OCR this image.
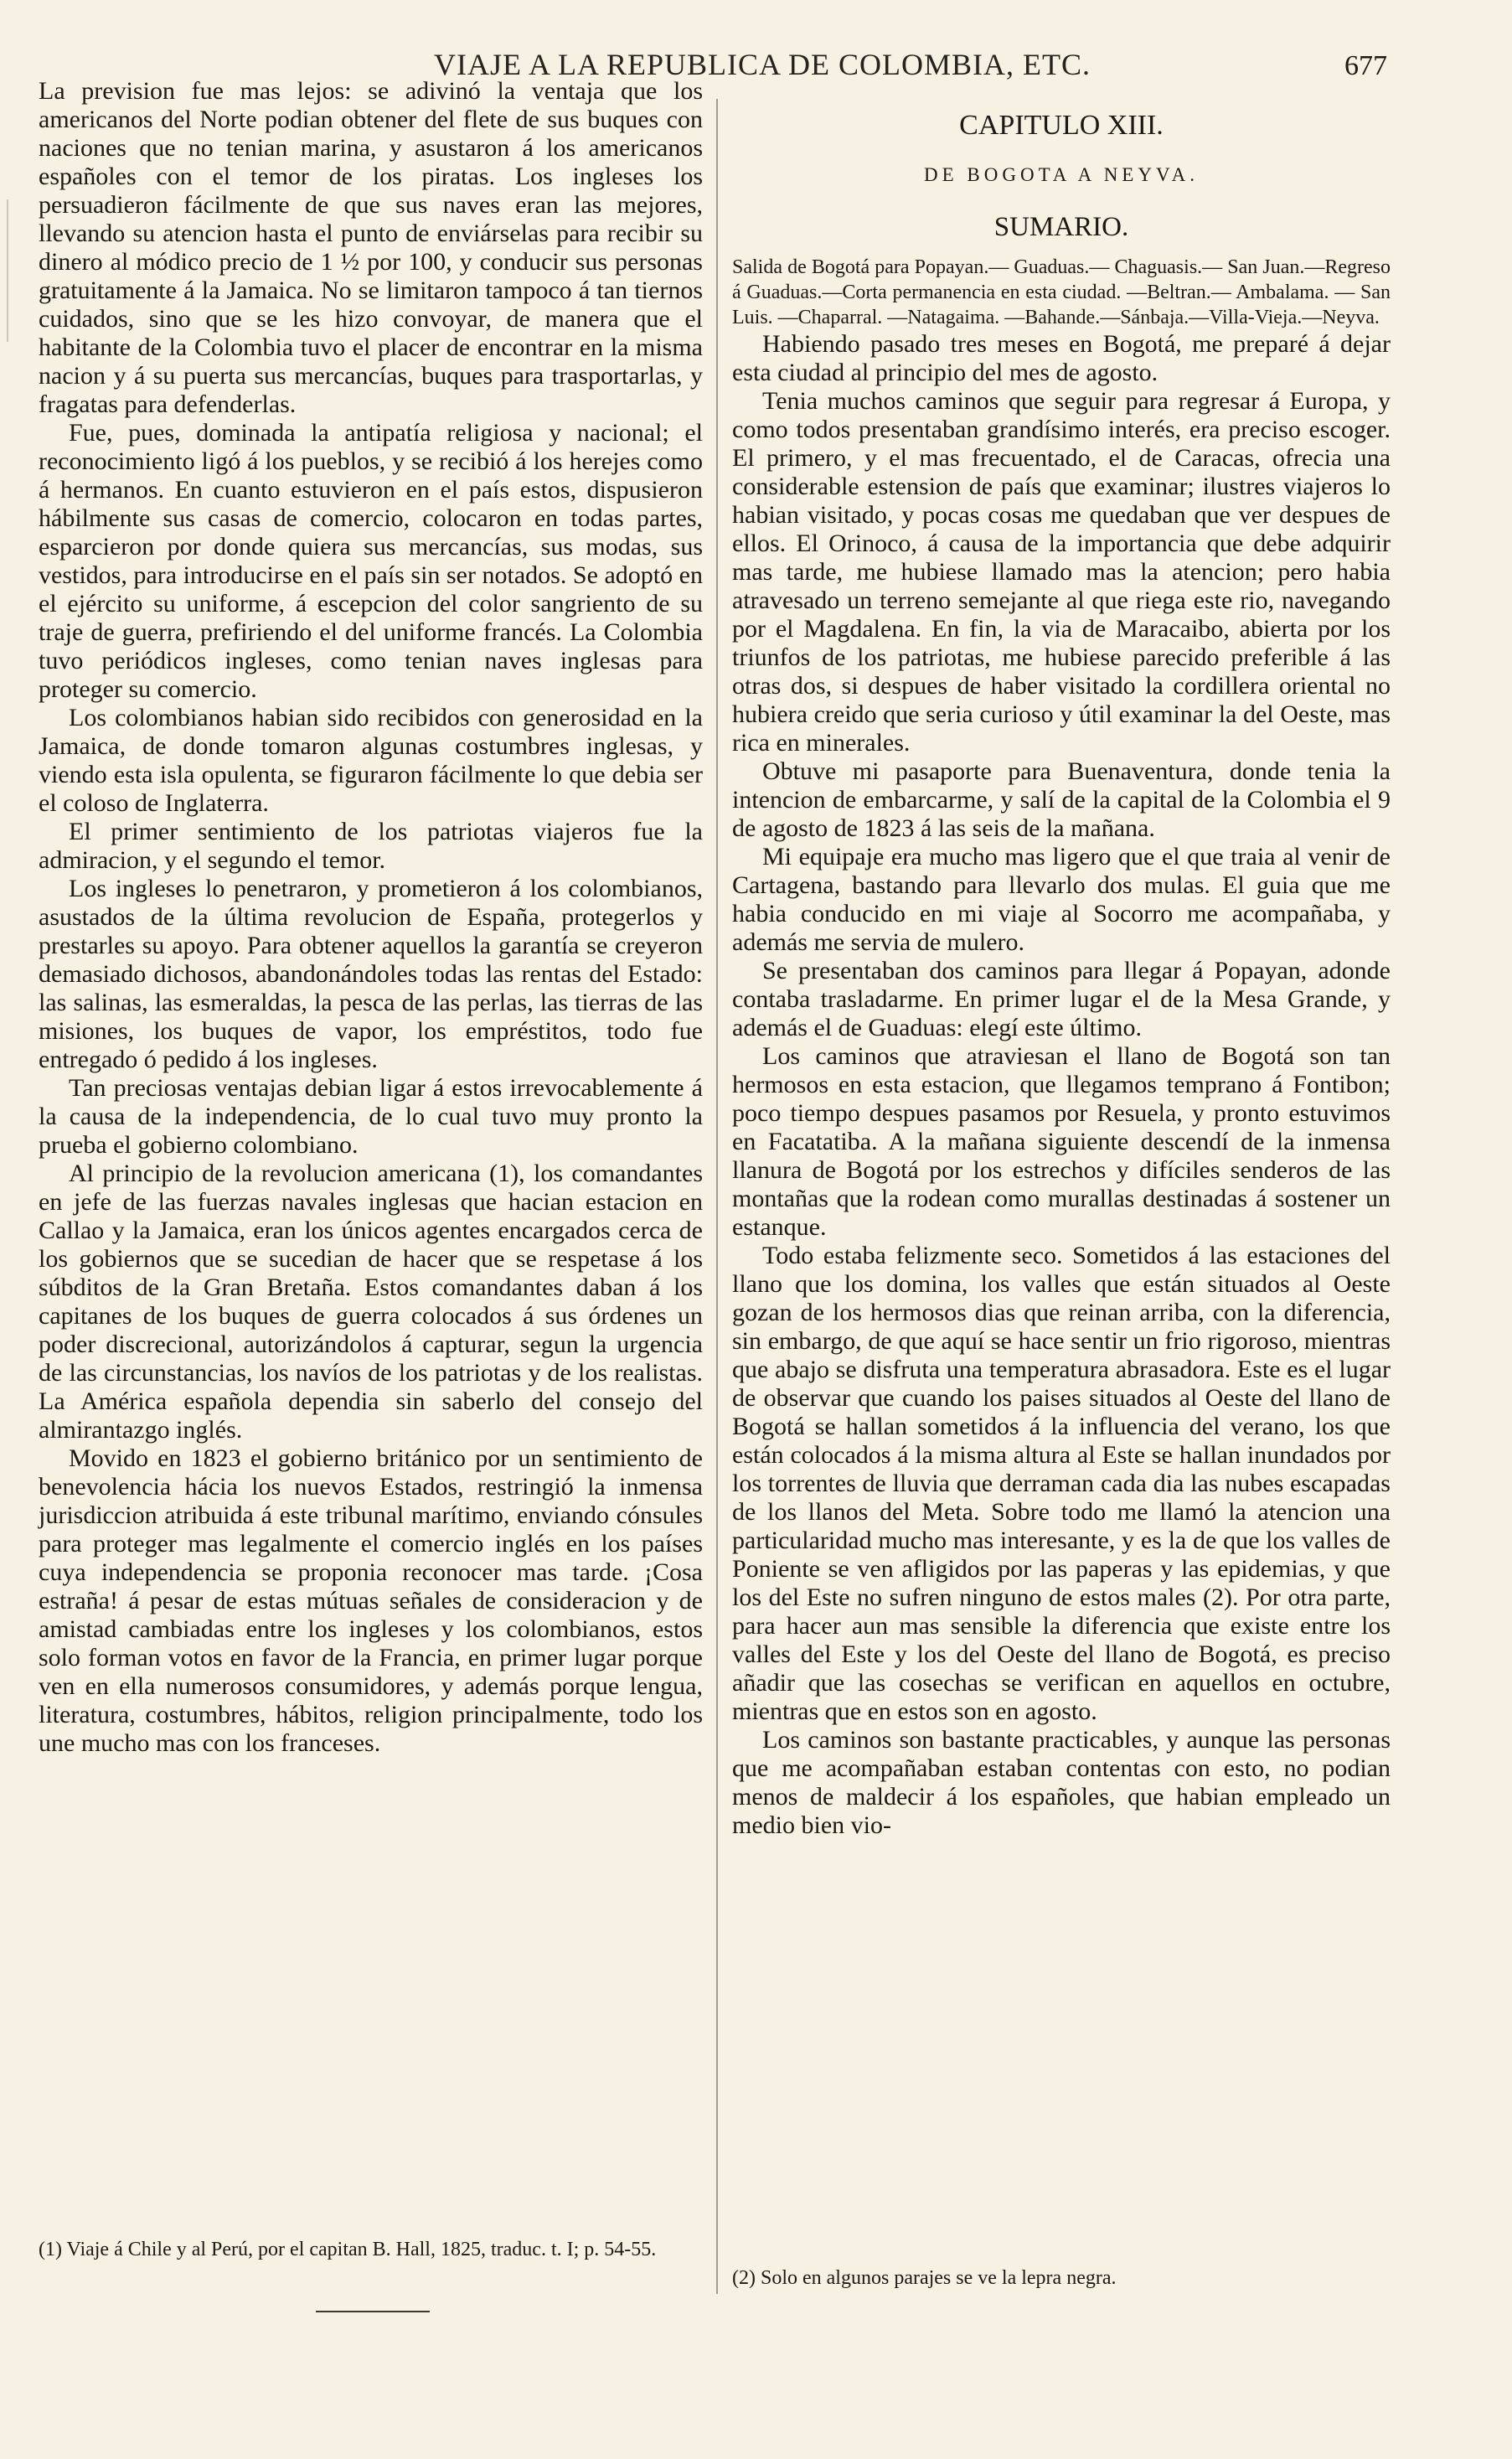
VIAJE A LA REPUBLICA DE COLOMBIA, ETC.	677

La prevision fue mas lejos: se adivinó la ventaja que los americanos del Norte podian obtener del flete de sus buques con naciones que no tenian marina, y asustaron á los americanos españoles con el temor de los piratas. Los ingleses los persuadieron fácilmente de que sus naves eran las mejores, llevando su atencion hasta el punto de enviárselas para recibir su dinero al módico precio de 1 ½ por 100, y conducir sus personas gratuitamente á la Jamaica. No se limitaron tampoco á tan tiernos cuidados, sino que se les hizo convoyar, de manera que el habitante de la Colombia tuvo el placer de encontrar en la misma nacion y á su puerta sus mercancías, buques para trasportarlas, y fragatas para defenderlas.

Fue, pues, dominada la antipatía religiosa y nacional; el reconocimiento ligó á los pueblos, y se recibió á los herejes como á hermanos. En cuanto estuvieron en el país estos, dispusieron hábilmente sus casas de comercio, colocaron en todas partes, esparcieron por donde quiera sus mercancías, sus modas, sus vestidos, para introducirse en el país sin ser notados. Se adoptó en el ejército su uniforme, á escepcion del color sangriento de su traje de guerra, prefiriendo el del uniforme francés. La Colombia tuvo periódicos ingleses, como tenian naves inglesas para proteger su comercio.

Los colombianos habian sido recibidos con generosidad en la Jamaica, de donde tomaron algunas costumbres inglesas, y viendo esta isla opulenta, se figuraron fácilmente lo que debia ser el coloso de Inglaterra.

El primer sentimiento de los patriotas viajeros fue la admiracion, y el segundo el temor.

Los ingleses lo penetraron, y prometieron á los colombianos, asustados de la última revolucion de España, protegerlos y prestarles su apoyo. Para obtener aquellos la garantía se creyeron demasiado dichosos, abandonándoles todas las rentas del Estado: las salinas, las esmeraldas, la pesca de las perlas, las tierras de las misiones, los buques de vapor, los empréstitos, todo fue entregado ó pedido á los ingleses.

Tan preciosas ventajas debian ligar á estos irrevocablemente á la causa de la independencia, de lo cual tuvo muy pronto la prueba el gobierno colombiano.

Al principio de la revolucion americana (1), los comandantes en jefe de las fuerzas navales inglesas que hacian estacion en Callao y la Jamaica, eran los únicos agentes encargados cerca de los gobiernos que se sucedian de hacer que se respetase á los súbditos de la Gran Bretaña. Estos comandantes daban á los capitanes de los buques de guerra colocados á sus órdenes un poder discrecional, autorizándolos á capturar, segun la urgencia de las circunstancias, los navíos de los patriotas y de los realistas. La América española dependia sin saberlo del consejo del almirantazgo inglés.

Movido en 1823 el gobierno británico por un sentimiento de benevolencia hácia los nuevos Estados, restringió la inmensa jurisdiccion atribuida á este tribunal marítimo, enviando cónsules para proteger mas legalmente el comercio inglés en los países cuya independencia se proponia reconocer mas tarde. ¡Cosa estraña! á pesar de estas mútuas señales de consideracion y de amistad cambiadas entre los ingleses y los colombianos, estos solo forman votos en favor de la Francia, en primer lugar porque ven en ella numerosos consumidores, y además porque lengua, literatura, costumbres, hábitos, religion principalmente, todo los une mucho mas con los franceses.

CAPITULO XIII.
DE BOGOTA A NEYVA.
SUMARIO.

Salida de Bogotá para Popayan.— Guaduas.— Chaguasis.— San Juan.—Regreso á Guaduas.—Corta permanencia en esta ciudad. —Beltran.— Ambalama. — San Luis. —Chaparral. —Natagaima. —Bahande.—Sánbaja.—Villa-Vieja.—Neyva.

Habiendo pasado tres meses en Bogotá, me preparé á dejar esta ciudad al principio del mes de agosto.

Tenia muchos caminos que seguir para regresar á Europa, y como todos presentaban grandísimo interés, era preciso escoger. El primero, y el mas frecuentado, el de Caracas, ofrecia una considerable estension de país que examinar; ilustres viajeros lo habian visitado, y pocas cosas me quedaban que ver despues de ellos. El Orinoco, á causa de la importancia que debe adquirir mas tarde, me hubiese llamado mas la atencion; pero habia atravesado un terreno semejante al que riega este rio, navegando por el Magdalena. En fin, la via de Maracaibo, abierta por los triunfos de los patriotas, me hubiese parecido preferible á las otras dos, si despues de haber visitado la cordillera oriental no hubiera creido que seria curioso y útil examinar la del Oeste, mas rica en minerales.

Obtuve mi pasaporte para Buenaventura, donde tenia la intencion de embarcarme, y salí de la capital de la Colombia el 9 de agosto de 1823 á las seis de la mañana.

Mi equipaje era mucho mas ligero que el que traia al venir de Cartagena, bastando para llevarlo dos mulas. El guia que me habia conducido en mi viaje al Socorro me acompañaba, y además me servia de mulero.

Se presentaban dos caminos para llegar á Popayan, adonde contaba trasladarme. En primer lugar el de la Mesa Grande, y además el de Guaduas: elegí este último.

Los caminos que atraviesan el llano de Bogotá son tan hermosos en esta estacion, que llegamos temprano á Fontibon; poco tiempo despues pasamos por Resuela, y pronto estuvimos en Facatatiba. A la mañana siguiente descendí de la inmensa llanura de Bogotá por los estrechos y difíciles senderos de las montañas que la rodean como murallas destinadas á sostener un estanque.

Todo estaba felizmente seco. Sometidos á las estaciones del llano que los domina, los valles que están situados al Oeste gozan de los hermosos dias que reinan arriba, con la diferencia, sin embargo, de que aquí se hace sentir un frio rigoroso, mientras que abajo se disfruta una temperatura abrasadora. Este es el lugar de observar que cuando los paises situados al Oeste del llano de Bogotá se hallan sometidos á la influencia del verano, los que están colocados á la misma altura al Este se hallan inundados por los torrentes de lluvia que derraman cada dia las nubes escapadas de los llanos del Meta. Sobre todo me llamó la atencion una particularidad mucho mas interesante, y es la de que los valles de Poniente se ven afligidos por las paperas y las epidemias, y que los del Este no sufren ninguno de estos males (2). Por otra parte, para hacer aun mas sensible la diferencia que existe entre los valles del Este y los del Oeste del llano de Bogotá, es preciso añadir que las cosechas se verifican en aquellos en octubre, mientras que en estos son en agosto.

Los caminos son bastante practicables, y aunque las personas que me acompañaban estaban contentas con esto, no podian menos de maldecir á los españoles, que habian empleado un medio bien vio-

(1) Viaje á Chile y al Perú, por el capitan B. Hall, 1825, traduc. t. I; p. 54-55.
(2) Solo en algunos parajes se ve la lepra negra.
